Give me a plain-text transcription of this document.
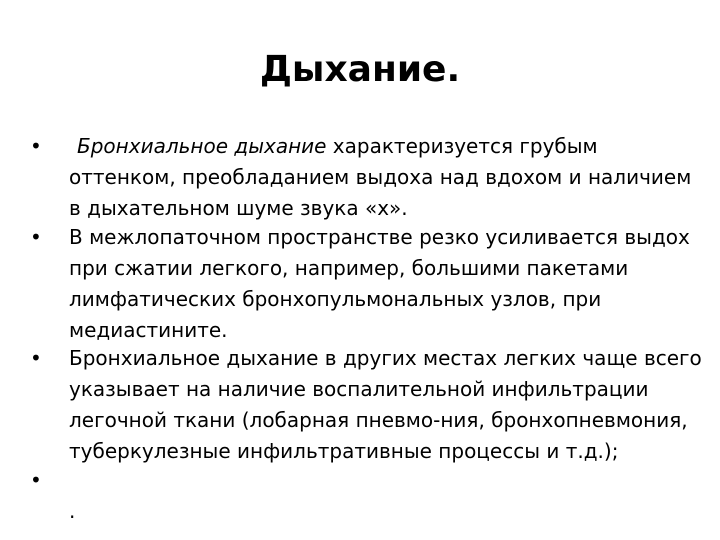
Дыхание.
•	Бронхиальное дыхание характеризуется грубым
оттенком, преобладанием выдоха над вдохом и наличием
в дыхательном шуме звука «х».
• В межлопаточном пространстве резко усиливается выдох
при сжатии легкого, например, большими пакетами
лимфатических бронхопульмональных узлов, при
медиастините.
• Бронхиальное дыхание в других местах легких чаще всего
указывает на наличие воспалительной инфильтрации
легочной ткани (лобарная пневмо-ния, бронхопневмония,
туберкулезные инфильтративные процессы и т.д.);
•
.
